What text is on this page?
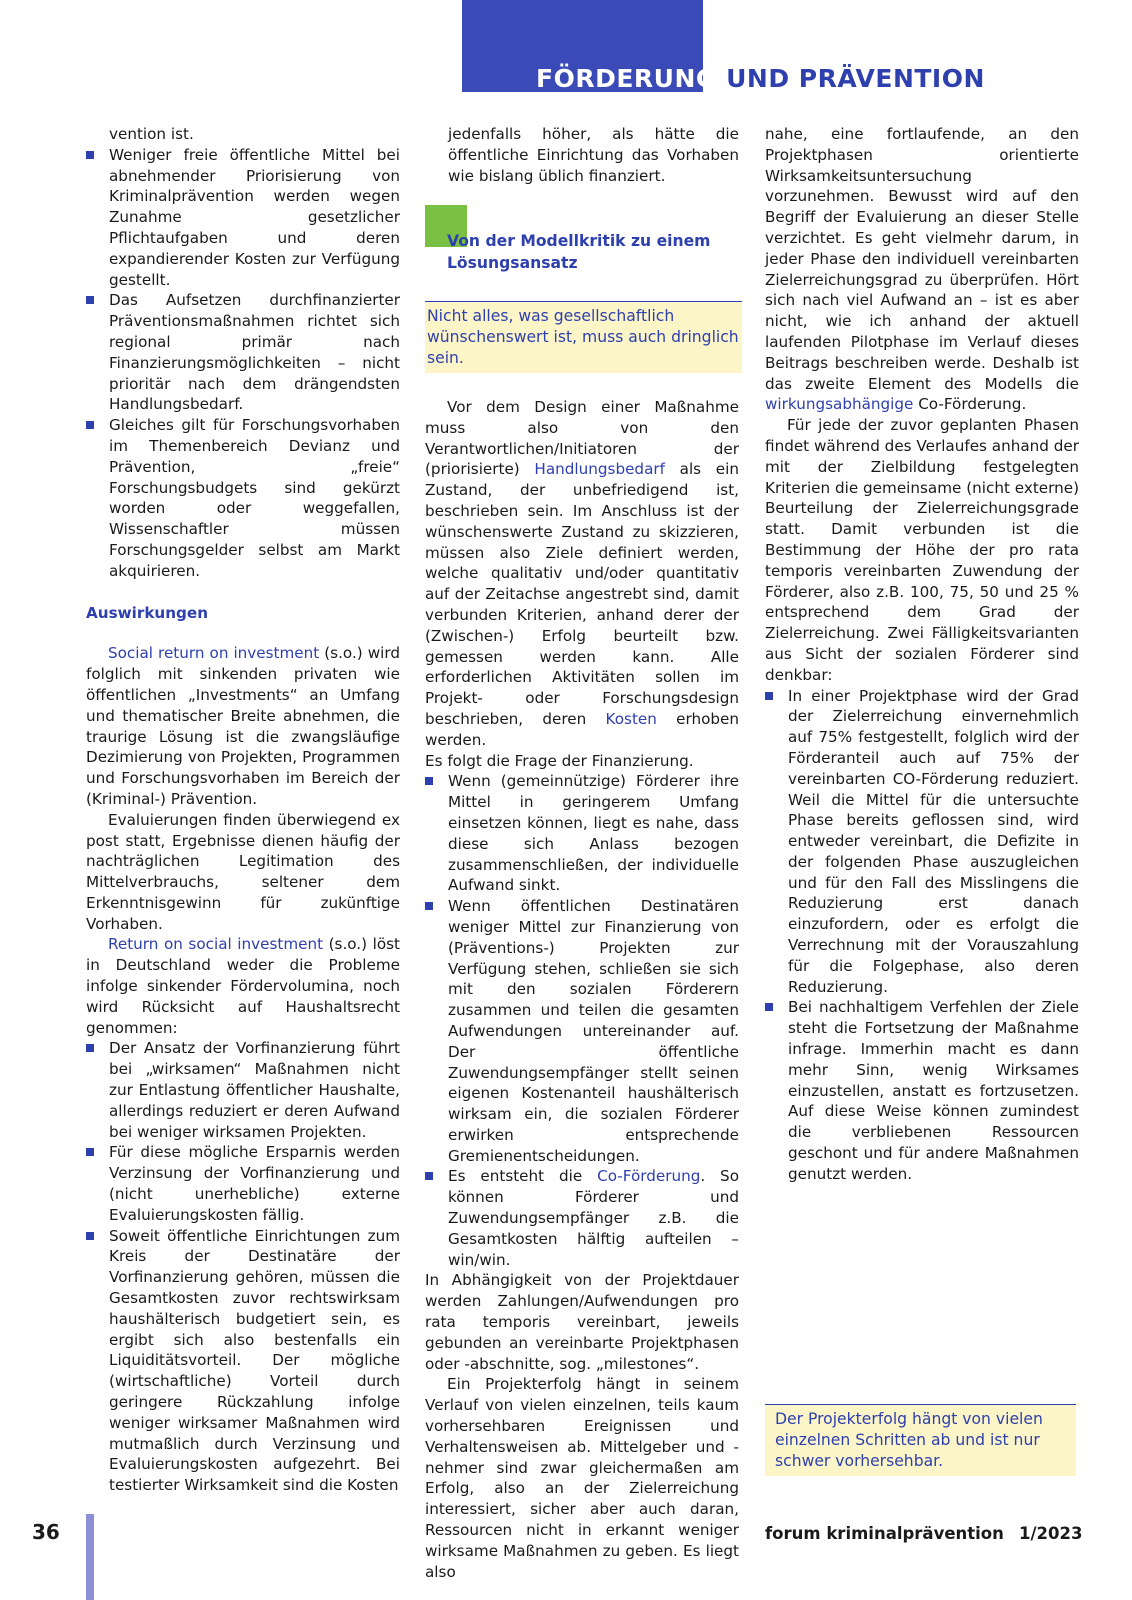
FÖRDERUNG UND PRÄVENTION

vention ist.

Weniger freie öffentliche Mittel bei abnehmender Priorisierung von Kriminalprävention werden wegen Zunahme gesetzlicher Pflichtaufgaben und deren expandierender Kosten zur Verfügung gestellt.
Das Aufsetzen durchfinanzierter Präventionsmaßnahmen richtet sich regional primär nach Finanzierungsmöglichkeiten – nicht prioritär nach dem drängendsten Handlungsbedarf.
Gleiches gilt für Forschungsvorhaben im Themenbereich Devianz und Prävention, „freie“ Forschungsbudgets sind gekürzt worden oder weggefallen, Wissenschaftler müssen Forschungsgelder selbst am Markt akquirieren.

Auswirkungen

Social return on investment (s.o.) wird folglich mit sinkenden privaten wie öffentlichen „Investments“ an Umfang und thematischer Breite abnehmen, die traurige Lösung ist die zwangsläufige Dezimierung von Projekten, Programmen und Forschungsvorhaben im Bereich der (Kriminal-) Prävention.

Evaluierungen finden überwiegend ex post statt, Ergebnisse dienen häufig der nachträglichen Legitimation des Mittelverbrauchs, seltener dem Erkenntnisgewinn für zukünftige Vorhaben.

Return on social investment (s.o.) löst in Deutschland weder die Probleme infolge sinkender Fördervolumina, noch wird Rücksicht auf Haushaltsrecht genommen:

Der Ansatz der Vorfinanzierung führt bei „wirksamen“ Maßnahmen nicht zur Entlastung öffentlicher Haushalte, allerdings reduziert er deren Aufwand bei weniger wirksamen Projekten.
Für diese mögliche Ersparnis werden Verzinsung der Vorfinanzierung und (nicht unerhebliche) externe Evaluierungskosten fällig.
Soweit öffentliche Einrichtungen zum Kreis der Destinatäre der Vorfinanzierung gehören, müssen die Gesamtkosten zuvor rechtswirksam haushälterisch budgetiert sein, es ergibt sich also bestenfalls ein Liquiditätsvorteil. Der mögliche (wirtschaftliche) Vorteil durch geringere Rückzahlung infolge weniger wirksamer Maßnahmen wird mutmaßlich durch Verzinsung und Evaluierungskosten aufgezehrt. Bei testierter Wirksamkeit sind die Kosten

jedenfalls höher, als hätte die öffentliche Einrichtung das Vorhaben wie bislang üblich finanziert.

Von der Modellkritik zu einem Lösungsansatz
Nicht alles, was gesellschaftlich wünschenswert ist, muss auch dringlich sein.

Vor dem Design einer Maßnahme muss also von den Verantwortlichen/Initiatoren der (priorisierte) Handlungsbedarf als ein Zustand, der unbefriedigend ist, beschrieben sein. Im Anschluss ist der wünschenswerte Zustand zu skizzieren, müssen also Ziele definiert werden, welche qualitativ und/oder quantitativ auf der Zeitachse angestrebt sind, damit verbunden Kriterien, anhand derer der (Zwischen-) Erfolg beurteilt bzw. gemessen werden kann. Alle erforderlichen Aktivitäten sollen im Projekt- oder Forschungsdesign beschrieben, deren Kosten erhoben werden.

Es folgt die Frage der Finanzierung.

Wenn (gemeinnützige) Förderer ihre Mittel in geringerem Umfang einsetzen können, liegt es nahe, dass diese sich Anlass bezogen zusammenschließen, der individuelle Aufwand sinkt.
Wenn öffentlichen Destinatären weniger Mittel zur Finanzierung von (Präventions-) Projekten zur Verfügung stehen, schließen sie sich mit den sozialen Förderern zusammen und teilen die gesamten Aufwendungen untereinander auf. Der öffentliche Zuwendungsempfänger stellt seinen eigenen Kostenanteil haushälterisch wirksam ein, die sozialen Förderer erwirken entsprechende Gremienentscheidungen.
Es entsteht die Co-Förderung. So können Förderer und Zuwendungsempfänger z.B. die Gesamtkosten hälftig aufteilen – win/win.

In Abhängigkeit von der Projektdauer werden Zahlungen/Aufwendungen pro rata temporis vereinbart, jeweils gebunden an vereinbarte Projektphasen oder -abschnitte, sog. „milestones“.

Ein Projekterfolg hängt in seinem Verlauf von vielen einzelnen, teils kaum vorhersehbaren Ereignissen und Verhaltensweisen ab. Mittelgeber und -nehmer sind zwar gleichermaßen am Erfolg, also an der Zielerreichung interessiert, sicher aber auch daran, Ressourcen nicht in erkannt weniger wirksame Maßnahmen zu geben. Es liegt also

nahe, eine fortlaufende, an den Projektphasen orientierte Wirksamkeitsuntersuchung vorzunehmen. Bewusst wird auf den Begriff der Evaluierung an dieser Stelle verzichtet. Es geht vielmehr darum, in jeder Phase den individuell vereinbarten Zielerreichungsgrad zu überprüfen. Hört sich nach viel Aufwand an – ist es aber nicht, wie ich anhand der aktuell laufenden Pilotphase im Verlauf dieses Beitrags beschreiben werde. Deshalb ist das zweite Element des Modells die wirkungsabhängige Co-Förderung.

Für jede der zuvor geplanten Phasen findet während des Verlaufes anhand der mit der Zielbildung festgelegten Kriterien die gemeinsame (nicht externe) Beurteilung der Zielerreichungsgrade statt. Damit verbunden ist die Bestimmung der Höhe der pro rata temporis vereinbarten Zuwendung der Förderer, also z.B. 100, 75, 50 und 25 % entsprechend dem Grad der Zielerreichung. Zwei Fälligkeitsvarianten aus Sicht der sozialen Förderer sind denkbar:

In einer Projektphase wird der Grad der Zielerreichung einvernehmlich auf 75% festgestellt, folglich wird der Förderanteil auch auf 75% der vereinbarten CO-Förderung reduziert. Weil die Mittel für die untersuchte Phase bereits geflossen sind, wird entweder vereinbart, die Defizite in der folgenden Phase auszugleichen und für den Fall des Misslingens die Reduzierung erst danach einzufordern, oder es erfolgt die Verrechnung mit der Vorauszahlung für die Folgephase, also deren Reduzierung.
Bei nachhaltigem Verfehlen der Ziele steht die Fortsetzung der Maßnahme infrage. Immerhin macht es dann mehr Sinn, wenig Wirksames einzustellen, anstatt es fortzusetzen. Auf diese Weise können zumindest die verbliebenen Ressourcen geschont und für andere Maßnahmen genutzt werden.
Der Projekterfolg hängt von vielen einzelnen Schritten ab und ist nur schwer vorhersehbar.
36	forum kriminalprävention 1/2023
